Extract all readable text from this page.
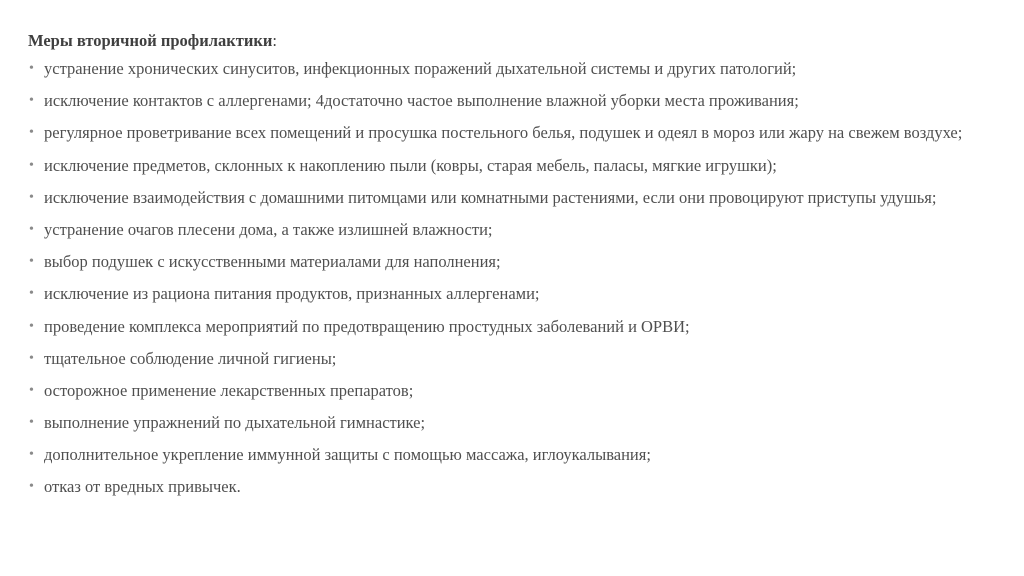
Меры вторичной профилактики:
• устранение хронических синуситов, инфекционных поражений дыхательной системы и других патологий;
• исключение контактов с аллергенами; 4достаточно частое выполнение влажной уборки места проживания;
• регулярное проветривание всех помещений и просушка постельного белья, подушек и одеял в мороз или жару на свежем воздухе;
• исключение предметов, склонных к накоплению пыли (ковры, старая мебель, паласы, мягкие игрушки);
• исключение взаимодействия с домашними питомцами или комнатными растениями, если они провоцируют приступы удушья;
• устранение очагов плесени дома, а также излишней влажности;
• выбор подушек с искусственными материалами для наполнения;
• исключение из рациона питания продуктов, признанных аллергенами;
• проведение комплекса мероприятий по предотвращению простудных заболеваний и ОРВИ;
• тщательное соблюдение личной гигиены;
• осторожное применение лекарственных препаратов;
• выполнение упражнений по дыхательной гимнастике;
• дополнительное укрепление иммунной защиты с помощью массажа, иглоукалывания;
• отказ от вредных привычек.
